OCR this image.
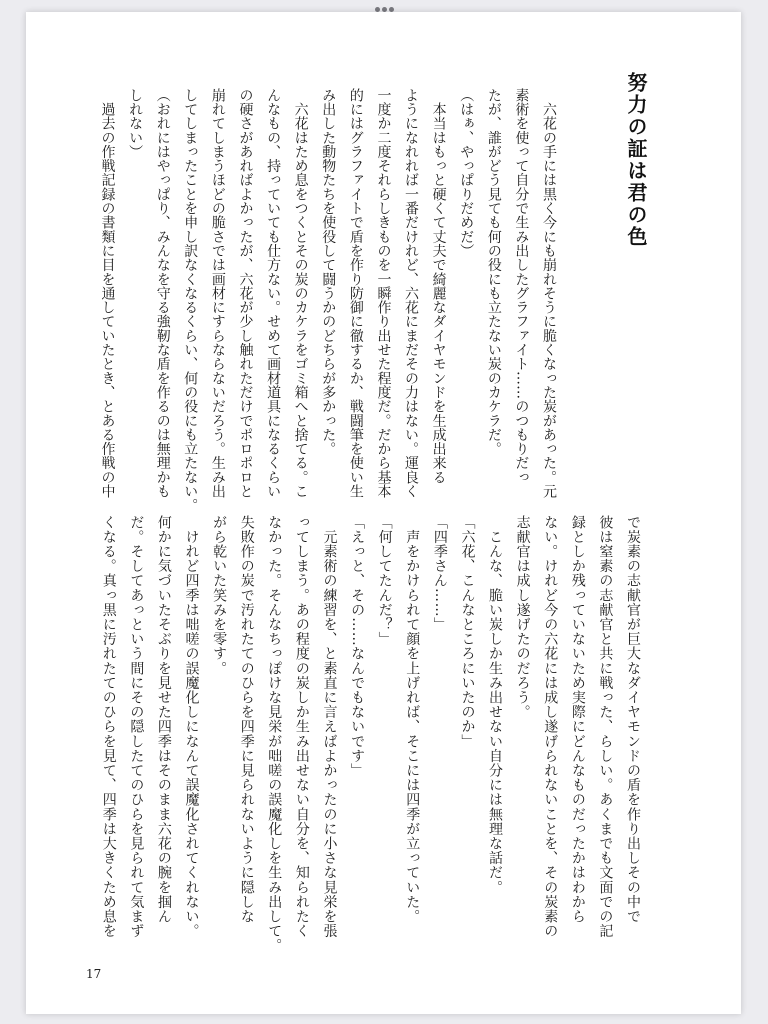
努力の証は君の色
　六花の手には黒く今にも崩れそうに脆くなった炭があった。元
素術を使って自分で生み出したグラファイト……のつもりだっ
たが、誰がどう見ても何の役にも立たない炭のカケラだ。
（はぁ、やっぱりだめだ）
　本当はもっと硬くて丈夫で綺麗なダイヤモンドを生成出来る
ようになれれば一番だけれど、六花にまだその力はない。運良く
一度か二度それらしきものを一瞬作り出せた程度だ。だから基本
的にはグラファイトで盾を作り防御に徹するか、戦闘筆を使い生
み出した動物たちを使役して闘うかのどちらが多かった。
　六花はため息をつくとその炭のカケラをゴミ箱へと捨てる。こ
んなもの、持っていても仕方ない。せめて画材道具になるくらい
の硬さがあればよかったが、六花が少し触れただけでポロポロと
崩れてしまうほどの脆さでは画材にすらならないだろう。生み出
してしまったことを申し訳なくなるくらい、何の役にも立たない。
（おれにはやっぱり、みんなを守る強靭な盾を作るのは無理かも
しれない）
　過去の作戦記録の書類に目を通していたとき、とある作戦の中
で炭素の志献官が巨大なダイヤモンドの盾を作り出しその中で
彼は窒素の志献官と共に戦った、らしい。あくまでも文面での記
録としか残っていないため実際にどんなものだったかはわから
ない。けれど今の六花には成し遂げられないことを、その炭素の
志献官は成し遂げたのだろう。
　こんな、脆い炭しか生み出せない自分には無理な話だ。
「六花、こんなところにいたのか」
「四季さん……」
　声をかけられて顔を上げれば、そこには四季が立っていた。
「何してたんだ？」
「えっと、その……なんでもないです」
　元素術の練習を、と素直に言えばよかったのに小さな見栄を張
ってしまう。あの程度の炭しか生み出せない自分を、知られたく
なかった。そんなちっぽけな見栄が咄嗟の誤魔化しを生み出して。
失敗作の炭で汚れたてのひらを四季に見られないように隠しな
がら乾いた笑みを零す。
　けれど四季は咄嗟の誤魔化しになんて誤魔化されてくれない。
何かに気づいたそぶりを見せた四季はそのまま六花の腕を掴ん
だ。そしてあっという間にその隠したてのひらを見られて気まず
くなる。真っ黒に汚れたてのひらを見て、四季は大きくため息を
17
